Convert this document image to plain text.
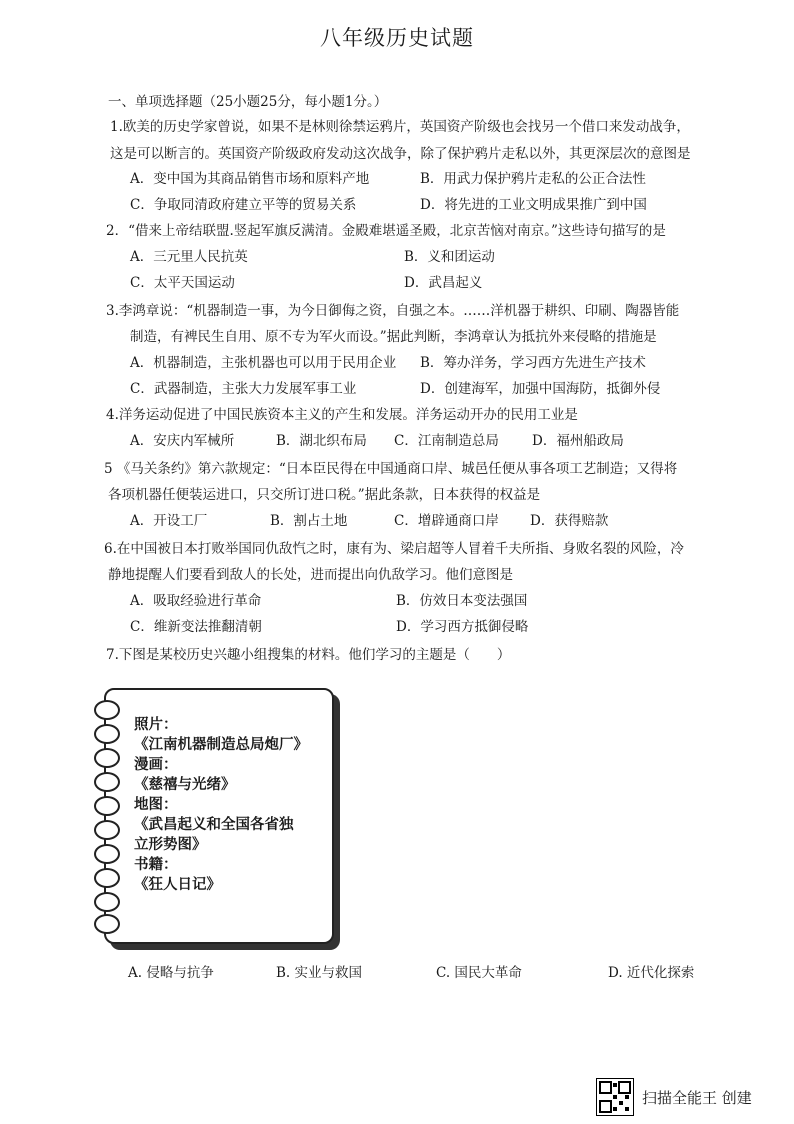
八年级历史试题
一、单项选择题（25小题25分，每小题1分。）
1.欧美的历史学家曾说，如果不是林则徐禁运鸦片，英国资产阶级也会找另一个借口来发动战争，
这是可以断言的。英国资产阶级政府发动这次战争，除了保护鸦片走私以外，其更深层次的意图是
A．变中国为其商品销售市场和原料产地	B．用武力保护鸦片走私的公正合法性
C．争取同清政府建立平等的贸易关系	D．将先进的工业文明成果推广到中国
2．“借来上帝结联盟.竖起军旗反满清。金殿难堪遥圣殿，北京苦恼对南京。”这些诗句描写的是
A．三元里人民抗英	B．义和团运动
C．太平天国运动	D．武昌起义
3.李鸿章说：“机器制造一事，为今日御侮之资，自强之本。……洋机器于耕织、印刷、陶器皆能
制造，有裨民生自用、原不专为军火而设。”据此判断，李鸿章认为抵抗外来侵略的措施是
A．机器制造，主张机器也可以用于民用企业 B．筹办洋务，学习西方先进生产技术
C．武器制造，主张大力发展军事工业	D．创建海军，加强中国海防，抵御外侵
4.洋务运动促进了中国民族资本主义的产生和发展。洋务运动开办的民用工业是
A．安庆内军械所	B．湖北织布局 C．江南制造总局 D．福州船政局
5 《马关条约》第六款规定：“日本臣民得在中国通商口岸、城邑任便从事各项工艺制造；又得将
各项机器任便装运进口，只交所订进口税。”据此条款，日本获得的权益是
A．开设工厂	B．割占土地	C．增辟通商口岸 D．获得赔款
6.在中国被日本打败举国同仇敌忾之时，康有为、梁启超等人冒着千夫所指、身败名裂的风险，冷
静地提醒人们要看到敌人的长处，进而提出向仇敌学习。他们意图是
A．吸取经验进行革命	B．仿效日本变法强国
C．维新变法推翻清朝	D．学习西方抵御侵略
7.下图是某校历史兴趣小组搜集的材料。他们学习的主题是（　　）
照片：
《江南机器制造总局炮厂》
漫画：
《慈禧与光绪》
地图：
《武昌起义和全国各省独
立形势图》
书籍：
《狂人日记》
A. 侵略与抗争	B. 实业与救国	C. 国民大革命	D. 近代化探索
扫描全能王 创建
